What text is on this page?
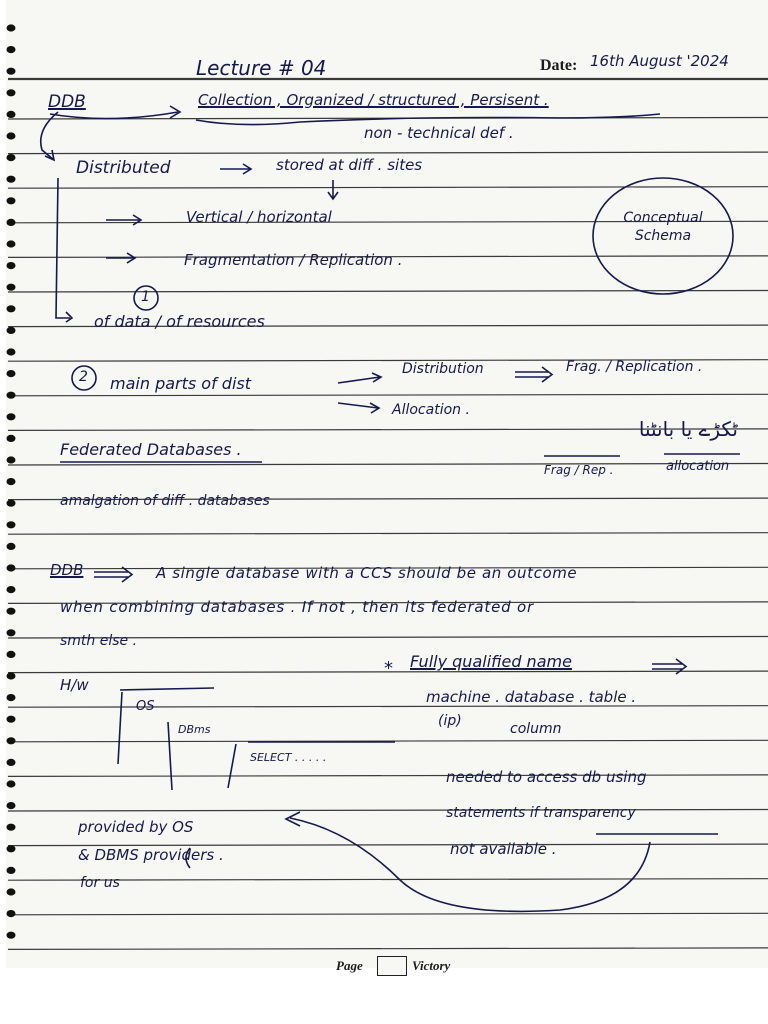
Lecture # 04	Date: 16th August '2024
DDB	Collection , Organized / structured , Persisent .
non - technical def .
Distributed	stored at diff . sites
Vertical / horizontal
Fragmentation / Replication .
1
of data / of resources
Conceptual
Schema
2 main parts of dist
Distribution	Frag. / Replication .
Allocation .
ٹکڑے یا بانٹنا
Frag / Rep .	allocation
Federated Databases .
amalgation of diff . databases
DDB	A single database with a CCS should be an outcome
when combining databases . If not , then its federated or
smth else .
* Fully qualified name
machine . database . table .
(ip)	column
H/w
OS
DBms
SELECT . . . . .
needed to access db using
statements if transparency
not available .
provided by OS
& DBMS providers .
for us
Page	Victory
